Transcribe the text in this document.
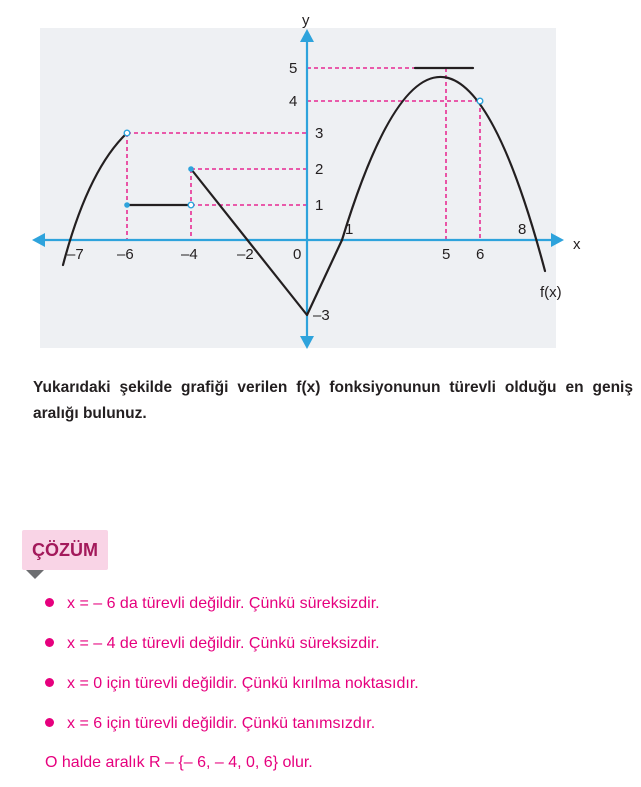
y
x
0
f(x)
–7 –6	–4	–2	5 6
8
1
5
4
3
2
1
–3
Yukarıdaki şekilde grafiği verilen f(x) fonksiyonunun türevli olduğu en geniş aralığı bulunuz.
ÇÖZÜM
x = – 6 da türevli değildir. Çünkü süreksizdir.
x = – 4 de türevli değildir. Çünkü süreksizdir.
x = 0 için türevli değildir. Çünkü kırılma noktasıdır.
x = 6 için türevli değildir. Çünkü tanımsızdır.
O halde aralık R – {– 6, – 4, 0, 6} olur.
